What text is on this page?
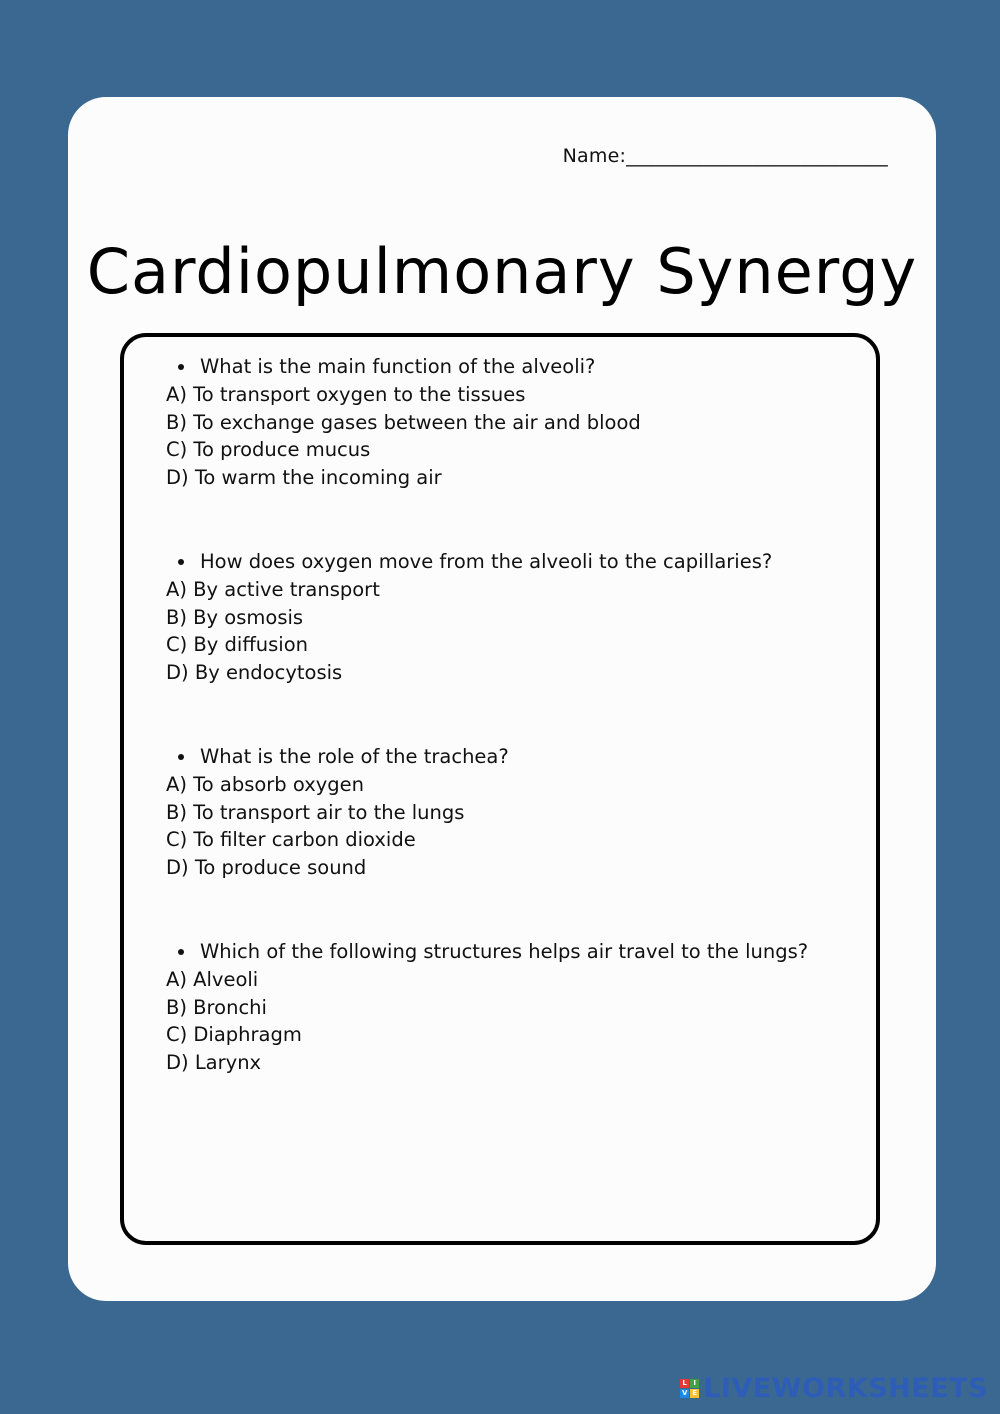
Name:___________________________
Cardiopulmonary Synergy
What is the main function of the alveoli?
A) To transport oxygen to the tissues
B) To exchange gases between the air and blood
C) To produce mucus
D) To warm the incoming air
How does oxygen move from the alveoli to the capillaries?
A) By active transport
B) By osmosis
C) By diffusion
D) By endocytosis
What is the role of the trachea?
A) To absorb oxygen
B) To transport air to the lungs
C) To filter carbon dioxide
D) To produce sound
Which of the following structures helps air travel to the lungs?
A) Alveoli
B) Bronchi
C) Diaphragm
D) Larynx
L I
V E LIVEWORKSHEETS
